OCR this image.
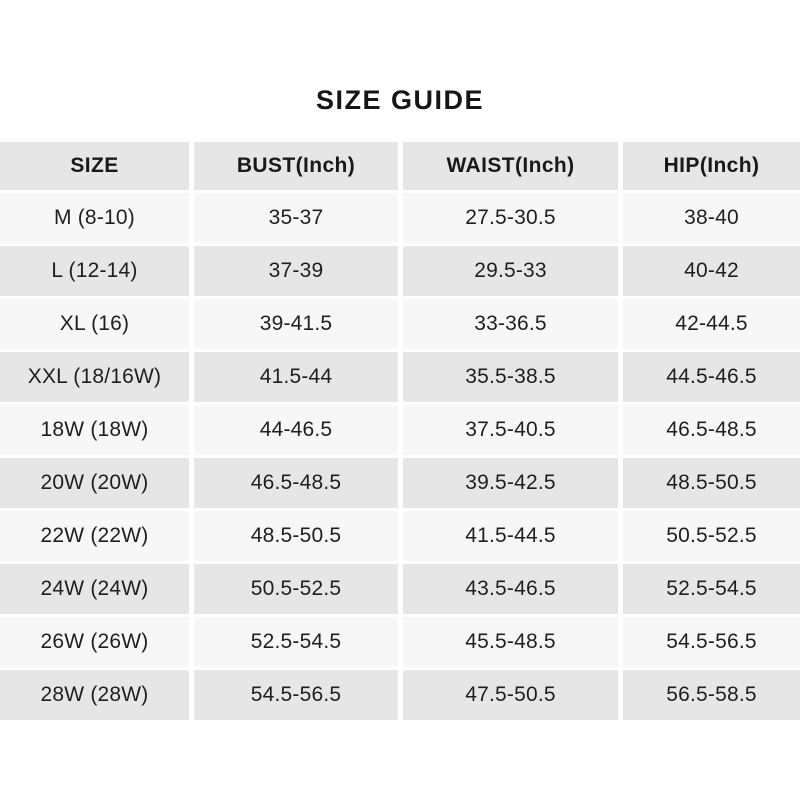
SIZE GUIDE
SIZE	BUST(Inch)	WAIST(Inch)	HIP(Inch)
M (8-10)	35-37	27.5-30.5	38-40
L (12-14)	37-39	29.5-33	40-42
XL (16)	39-41.5	33-36.5	42-44.5
XXL (18/16W)	41.5-44	35.5-38.5	44.5-46.5
18W (18W)	44-46.5	37.5-40.5	46.5-48.5
20W (20W)	46.5-48.5	39.5-42.5	48.5-50.5
22W (22W)	48.5-50.5	41.5-44.5	50.5-52.5
24W (24W)	50.5-52.5	43.5-46.5	52.5-54.5
26W (26W)	52.5-54.5	45.5-48.5	54.5-56.5
28W (28W)	54.5-56.5	47.5-50.5	56.5-58.5
